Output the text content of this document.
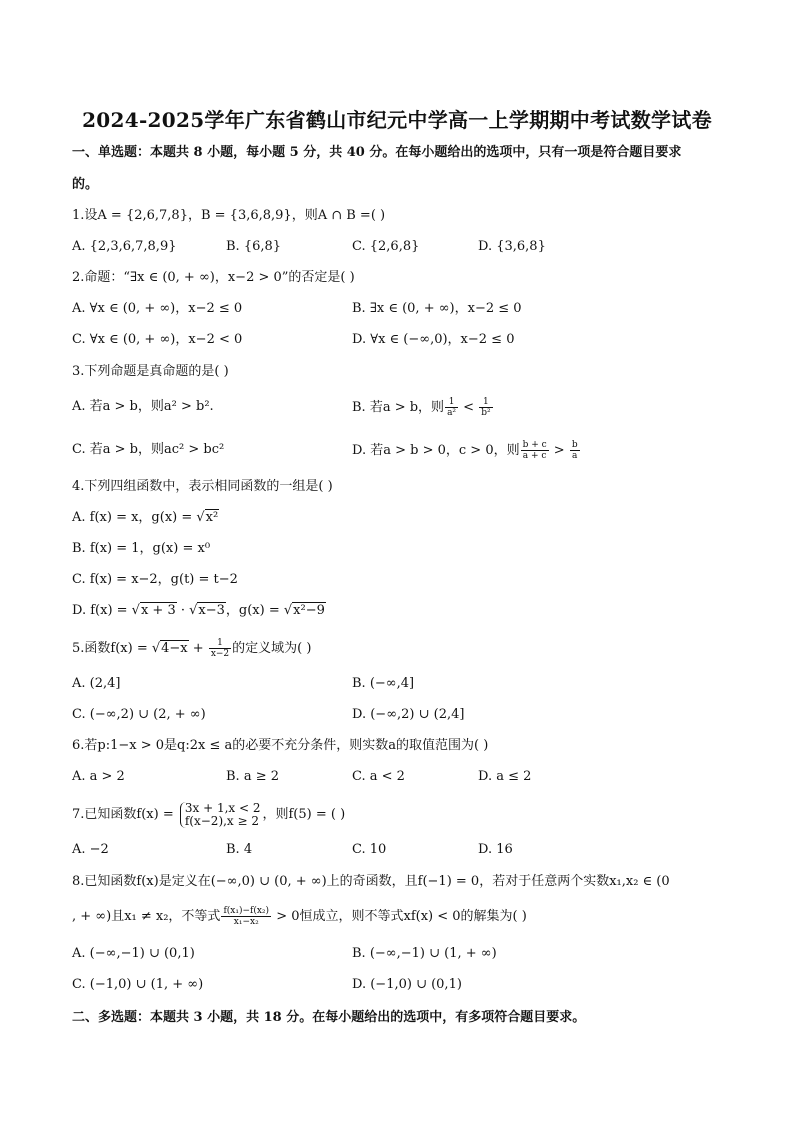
2024-2025学年广东省鹤山市纪元中学高一上学期期中考试数学试卷
一、单选题：本题共 8 小题，每小题 5 分，共 40 分。在每小题给出的选项中，只有一项是符合题目要求
的。
1.设A = {2,6,7,8}，B = {3,6,8,9}，则A ∩ B =( )
A. {2,3,6,7,8,9}	B. {6,8}	C. {2,6,8}	D. {3,6,8}
2.命题：“∃x ∈ (0, + ∞)，x−2 > 0”的否定是( )
A. ∀x ∈ (0, + ∞)，x−2 ≤ 0	B. ∃x ∈ (0, + ∞)，x−2 ≤ 0
C. ∀x ∈ (0, + ∞)，x−2 < 0	D. ∀x ∈ (−∞,0)，x−2 ≤ 0
3.下列命题是真命题的是( )
A. 若a > b，则a² > b².	B. 若a > b，则 $\frac{1}{\text{a²}} < \frac{1}{\text{b²}}$
C. 若a > b，则ac² > bc²	D. 若a > b > 0，c > 0，则 $\frac{b + c}{a + c} > \frac{b}{a}$
4.下列四组函数中，表示相同函数的一组是( )
A. f(x) = x，g(x) = √x²
B. f(x) = 1，g(x) = x⁰
C. f(x) = x−2，g(t) = t−2
D. f(x) = √x + 3 · √x−3，g(x) = √x²−9
5.函数$f(x) = √4-x + \frac{1}{x-2}$ 的定义域为( )
A. (2,4]	B. (−∞,4]
C. (−∞,2) ∪ (2, + ∞)	D. (−∞,2) ∪ (2,4]
6.若p:1−x > 0是q:2x ≤ a的必要不充分条件，则实数a的取值范围为( )
A. a > 2	B. a ≥ 2	C. a < 2	D. a ≤ 2
7.已知函数f(x) = 3x + 1,x < 2
f(x−2),x ≥ 2 ，则f(5) = ( )
A. −2	B. 4	C. 10	D. 16
8.已知函数f(x)是定义在(−∞,0) ∪ (0, + ∞)上的奇函数，且f(−1) = 0，若对于任意两个实数x₁,x₂ ∈ (0
, + ∞)且x₁ ≠ x₂，不等式 $\frac{\text{f(x₁)−f(x₂)}}{\text{x₁−x₂}} > 0$恒成立，则不等式xf(x) < 0的解集为( )
A. (−∞,−1) ∪ (0,1)	B. (−∞,−1) ∪ (1, + ∞)
C. (−1,0) ∪ (1, + ∞)	D. (−1,0) ∪ (0,1)
二、多选题：本题共 3 小题，共 18 分。在每小题给出的选项中，有多项符合题目要求。
